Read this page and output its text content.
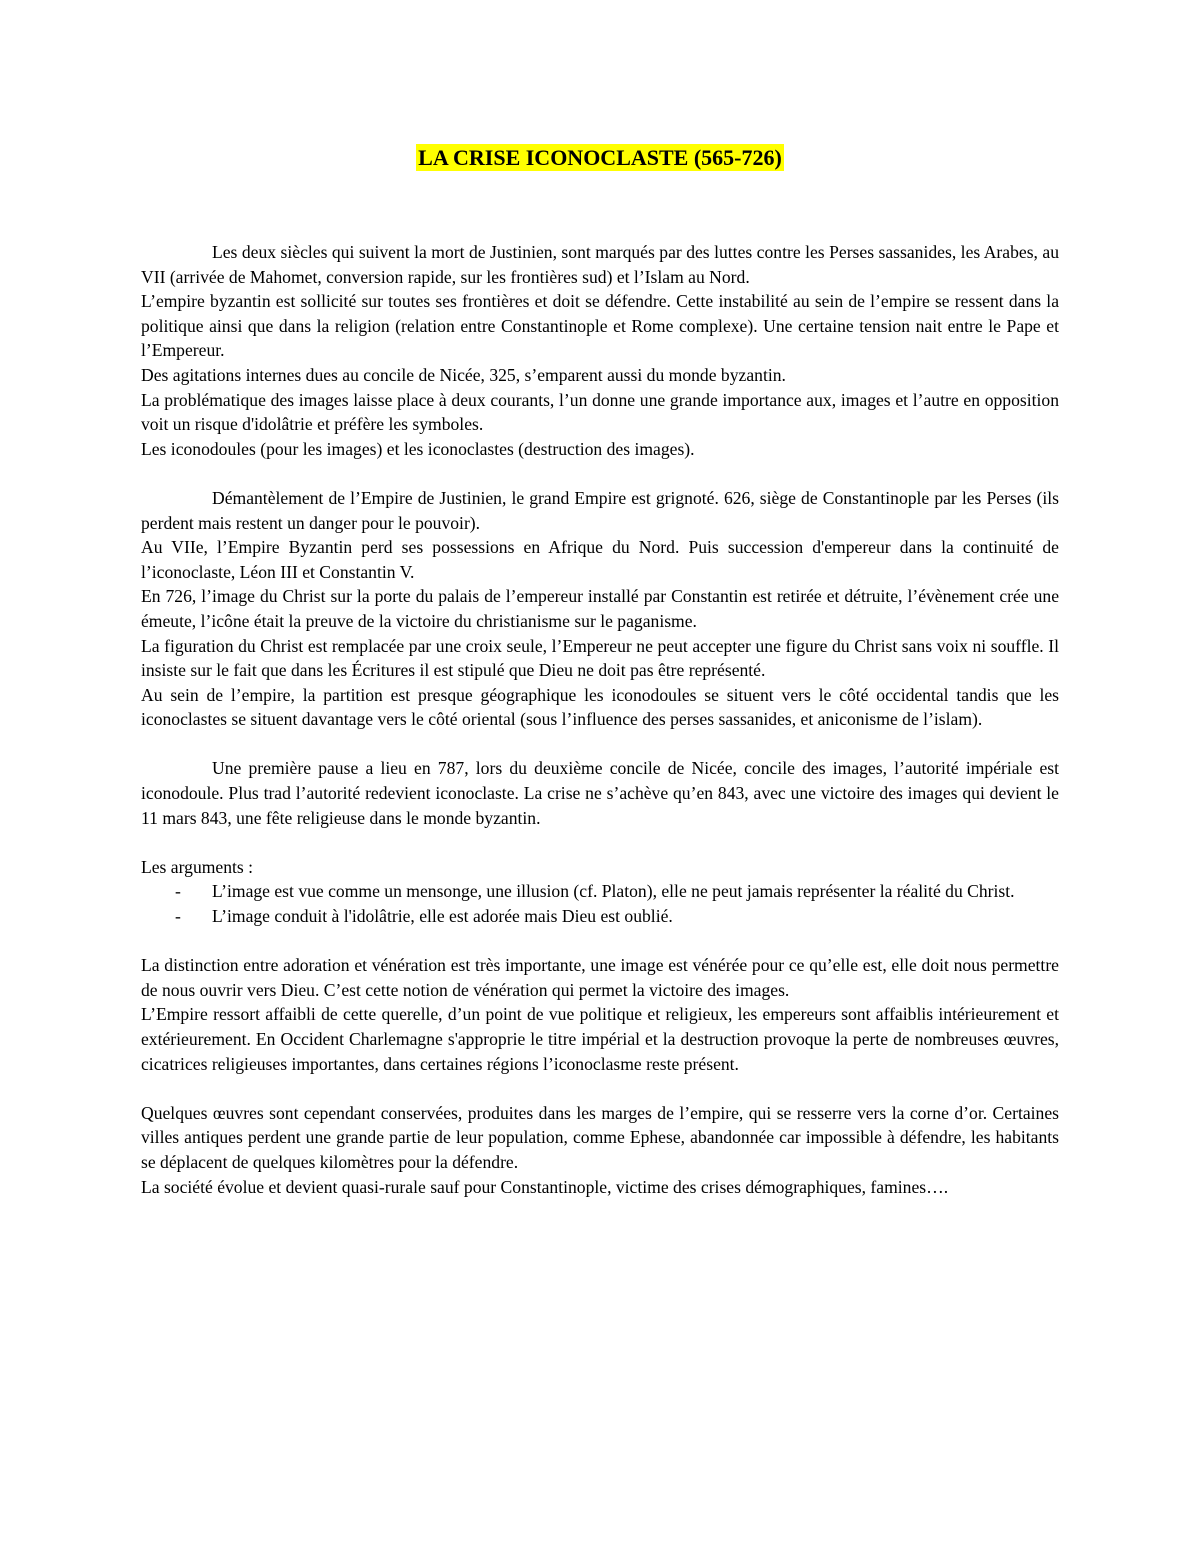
LA CRISE ICONOCLASTE (565-726)

Les deux siècles qui suivent la mort de Justinien, sont marqués par des luttes contre les Perses sassanides, les Arabes, au VII (arrivée de Mahomet, conversion rapide, sur les frontières sud) et l’Islam au Nord.

L’empire byzantin est sollicité sur toutes ses frontières et doit se défendre. Cette instabilité au sein de l’empire se ressent dans la politique ainsi que dans la religion (relation entre Constantinople et Rome complexe). Une certaine tension nait entre le Pape et l’Empereur.

Des agitations internes dues au concile de Nicée, 325, s’emparent aussi du monde byzantin.

La problématique des images laisse place à deux courants, l’un donne une grande importance aux, images et l’autre en opposition voit un risque d'idolâtrie et préfère les symboles.

Les iconodoules (pour les images) et les iconoclastes (destruction des images).

Démantèlement de l’Empire de Justinien, le grand Empire est grignoté. 626, siège de Constantinople par les Perses (ils perdent mais restent un danger pour le pouvoir).

Au VIIe, l’Empire Byzantin perd ses possessions en Afrique du Nord. Puis succession d'empereur dans la continuité de l’iconoclaste, Léon III et Constantin V.

En 726, l’image du Christ sur la porte du palais de l’empereur installé par Constantin est retirée et détruite, l’évènement crée une émeute, l’icône était la preuve de la victoire du christianisme sur le paganisme.

La figuration du Christ est remplacée par une croix seule, l’Empereur ne peut accepter une figure du Christ sans voix ni souffle. Il insiste sur le fait que dans les Écritures il est stipulé que Dieu ne doit pas être représenté.

Au sein de l’empire, la partition est presque géographique les iconodoules se situent vers le côté occidental tandis que les iconoclastes se situent davantage vers le côté oriental (sous l’influence des perses sassanides, et aniconisme de l’islam).

Une première pause a lieu en 787, lors du deuxième concile de Nicée, concile des images, l’autorité impériale est iconodoule. Plus trad l’autorité redevient iconoclaste. La crise ne s’achève qu’en 843, avec une victoire des images qui devient le 11 mars 843, une fête religieuse dans le monde byzantin.

Les arguments :

- L’image est vue comme un mensonge, une illusion (cf. Platon), elle ne peut jamais représenter la réalité du Christ.
- L’image conduit à l'idolâtrie, elle est adorée mais Dieu est oublié.

La distinction entre adoration et vénération est très importante, une image est vénérée pour ce qu’elle est, elle doit nous permettre de nous ouvrir vers Dieu. C’est cette notion de vénération qui permet la victoire des images.

L’Empire ressort affaibli de cette querelle, d’un point de vue politique et religieux, les empereurs sont affaiblis intérieurement et extérieurement. En Occident Charlemagne s'approprie le titre impérial et la destruction provoque la perte de nombreuses œuvres, cicatrices religieuses importantes, dans certaines régions l’iconoclasme reste présent.

Quelques œuvres sont cependant conservées, produites dans les marges de l’empire, qui se resserre vers la corne d’or. Certaines villes antiques perdent une grande partie de leur population, comme Ephese, abandonnée car impossible à défendre, les habitants se déplacent de quelques kilomètres pour la défendre.

La société évolue et devient quasi-rurale sauf pour Constantinople, victime des crises démographiques, famines….
